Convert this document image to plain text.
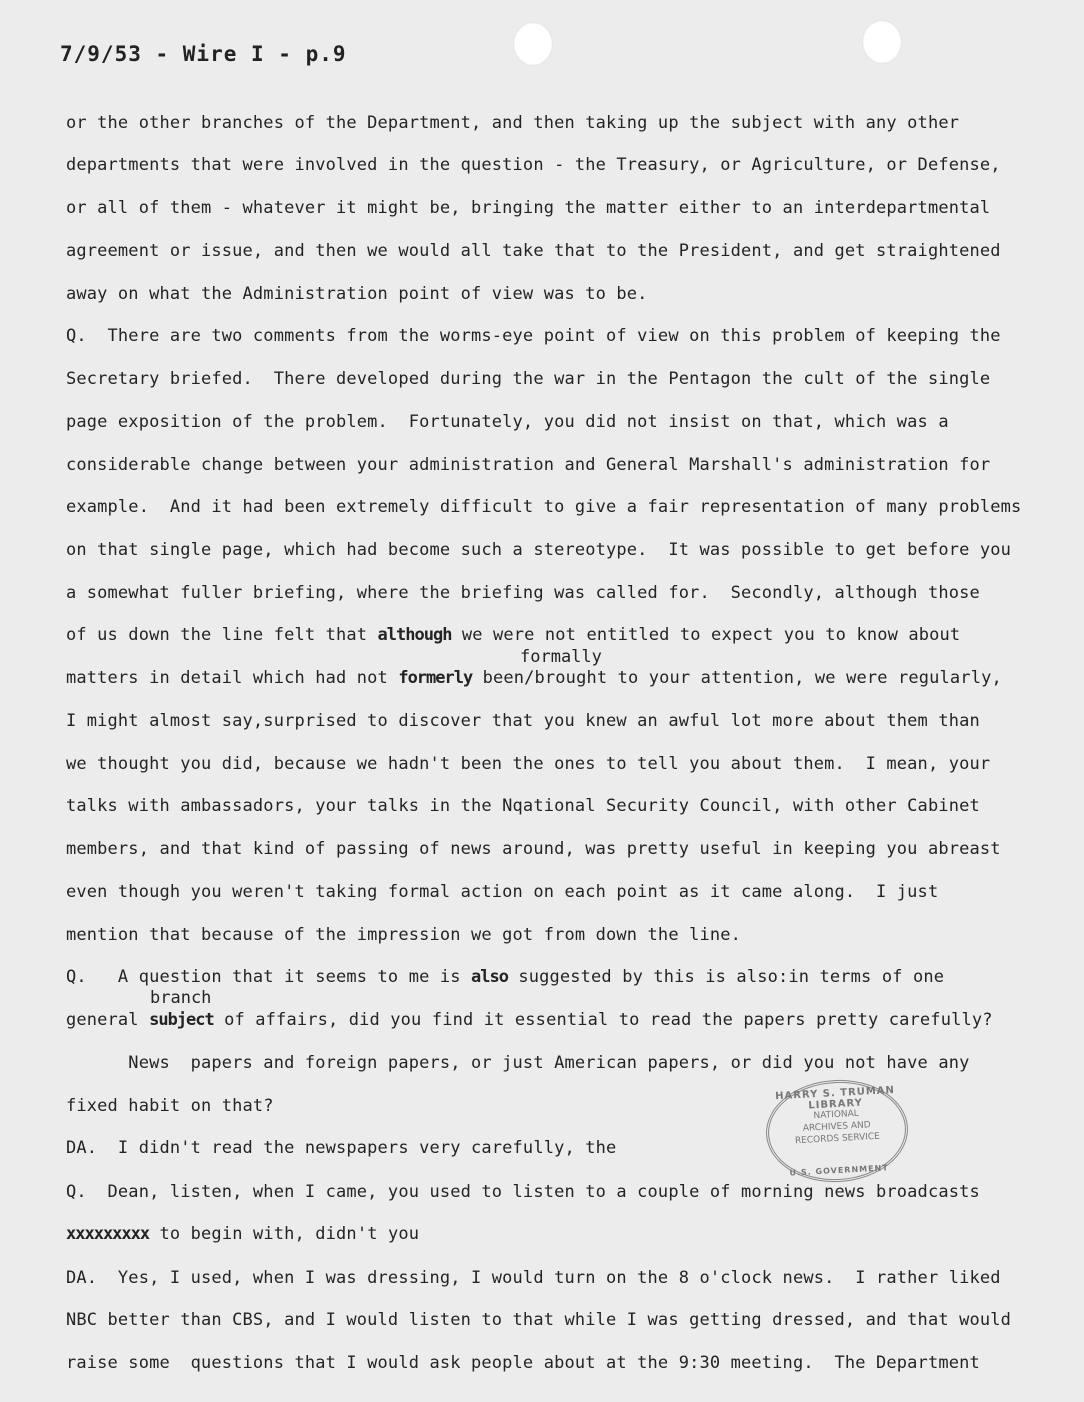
7/9/53 - Wire I - p.9
or the other branches of the Department, and then taking up the subject with any other
departments that were involved in the question - the Treasury, or Agriculture, or Defense,
or all of them - whatever it might be, bringing the matter either to an interdepartmental
agreement or issue, and then we would all take that to the President, and get straightened
away on what the Administration point of view was to be.
Q.  There are two comments from the worms-eye point of view on this problem of keeping the
Secretary briefed.  There developed during the war in the Pentagon the cult of the single
page exposition of the problem.  Fortunately, you did not insist on that, which was a
considerable change between your administration and General Marshall's administration for
example.  And it had been extremely difficult to give a fair representation of many problems
on that single page, which had become such a stereotype.  It was possible to get before you
a somewhat fuller briefing, where the briefing was called for.  Secondly, although those
of us down the line felt that although we were not entitled to expect you to know about
formally
matters in detail which had not formerly been/brought to your attention, we were regularly,
I might almost say,surprised to discover that you knew an awful lot more about them than
we thought you did, because we hadn't been the ones to tell you about them.  I mean, your
talks with ambassadors, your talks in the Nqational Security Council, with other Cabinet
members, and that kind of passing of news around, was pretty useful in keeping you abreast
even though you weren't taking formal action on each point as it came along.  I just
mention that because of the impression we got from down the line.
Q.   A question that it seems to me is also suggested by this is also:in terms of one
branch
general subject of affairs, did you find it essential to read the papers pretty carefully?
News  papers and foreign papers, or just American papers, or did you not have any
fixed habit on that?
DA.  I didn't read the newspapers very carefully, the
Q.  Dean, listen, when I came, you used to listen to a couple of morning news broadcasts
xxxxxxxxx to begin with, didn't you
DA.  Yes, I used, when I was dressing, I would turn on the 8 o'clock news.  I rather liked
NBC better than CBS, and I would listen to that while I was getting dressed, and that would
raise some  questions that I would ask people about at the 9:30 meeting.  The Department
HARRY S. TRUMAN LIBRARY
NATIONAL ARCHIVES AND RECORDS SERVICE
U.S. GOVERNMENT
